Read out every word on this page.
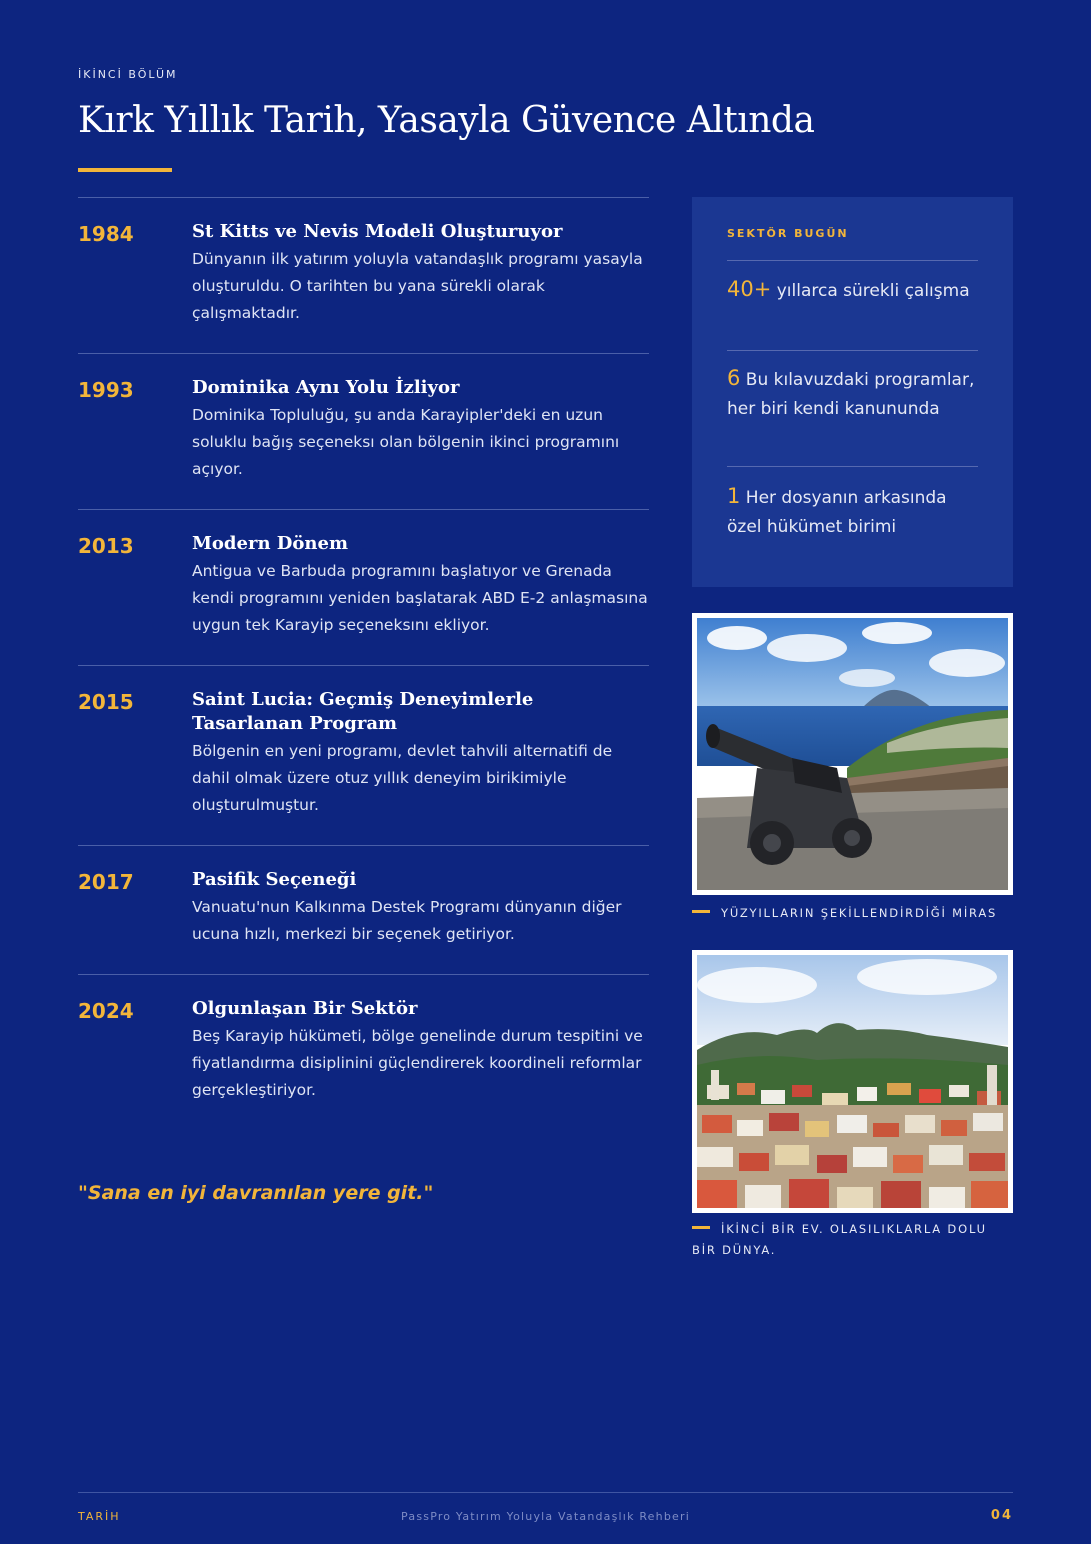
İKİNCİ BÖLÜM
Kırk Yıllık Tarih, Yasayla Güvence Altında
1984	St Kitts ve Nevis Modeli Oluşturuyor
Dünyanın ilk yatırım yoluyla vatandaşlık programı yasayla oluşturuldu. O tarihten bu yana sürekli olarak çalışmaktadır.
1993	Dominika Aynı Yolu İzliyor
Dominika Topluluğu, şu anda Karayipler'deki en uzun soluklu bağış seçeneksı olan bölgenin ikinci programını açıyor.
2013	Modern Dönem
Antigua ve Barbuda programını başlatıyor ve Grenada kendi programını yeniden başlatarak ABD E-2 anlaşmasına uygun tek Karayip seçeneksını ekliyor.
2015	Saint Lucia: Geçmiş Deneyimlerle Tasarlanan Program
Bölgenin en yeni programı, devlet tahvili alternatifi de dahil olmak üzere otuz yıllık deneyim birikimiyle oluşturulmuştur.
2017	Pasifik Seçeneği
Vanuatu'nun Kalkınma Destek Programı dünyanın diğer ucuna hızlı, merkezi bir seçenek getiriyor.
2024	Olgunlaşan Bir Sektör
Beş Karayip hükümeti, bölge genelinde durum tespitini ve fiyatlandırma disiplinini güçlendirerek koordineli reformlar gerçekleştiriyor.
"Sana en iyi davranılan yere git."
SEKTÖR BUGÜN
40+ yıllarca sürekli çalışma
6 Bu kılavuzdaki programlar, her biri kendi kanununda
1 Her dosyanın arkasında özel hükümet birimi
YÜZYILLARIN ŞEKİLLENDİRDİĞİ MİRAS
İKİNCİ BİR EV. OLASILIKLARLA DOLU BİR DÜNYA.
TARİH	PassPro Yatırım Yoluyla Vatandaşlık Rehberi	04
